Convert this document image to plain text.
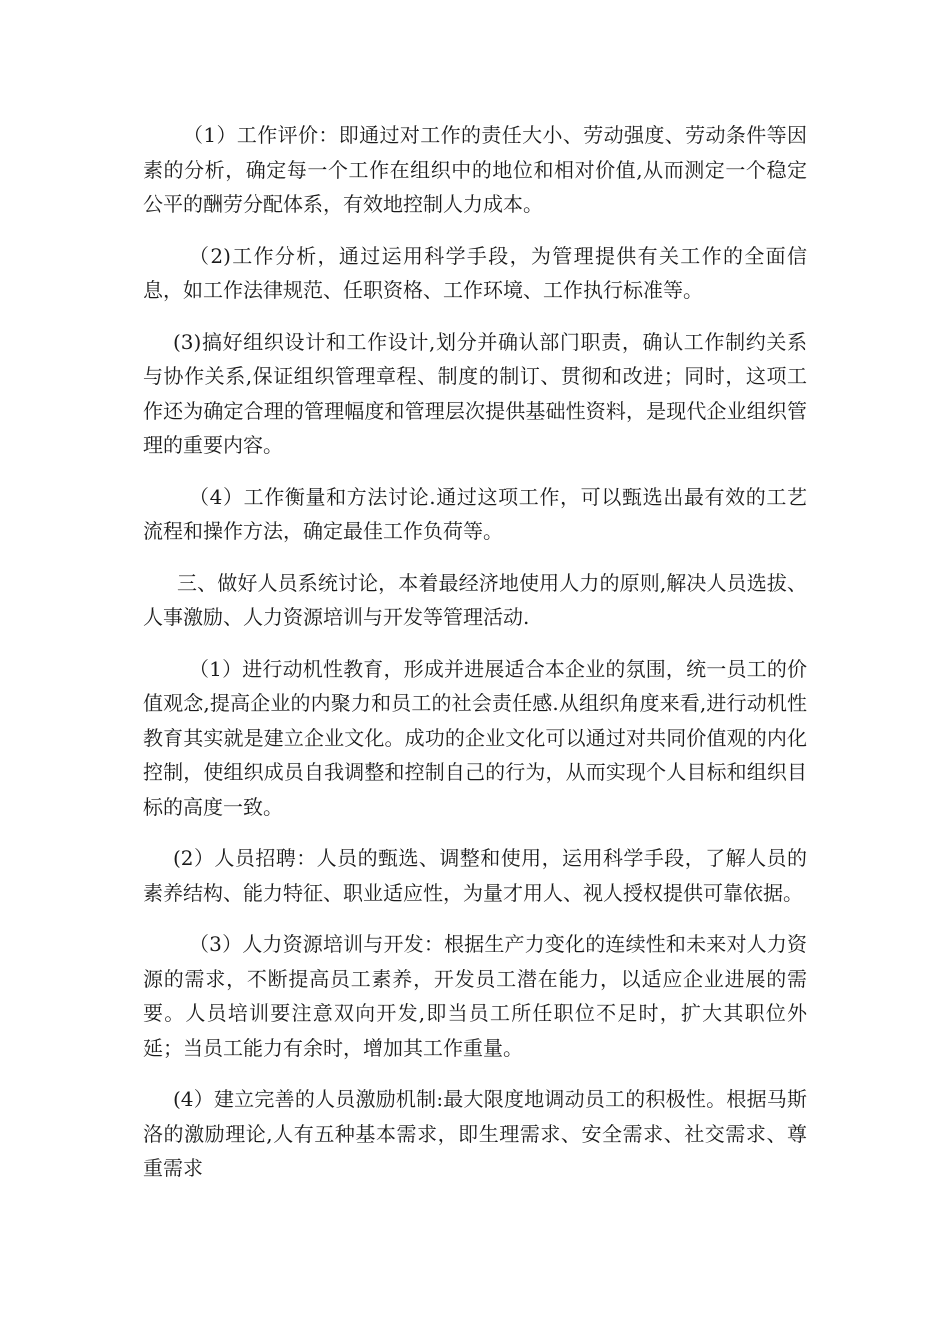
（1）工作评价：即通过对工作的责任大小、劳动强度、劳动条件等因素的分析，确定每一个工作在组织中的地位和相对价值,从而测定一个稳定公平的酬劳分配体系，有效地控制人力成本。

（2)工作分析，通过运用科学手段，为管理提供有关工作的全面信息，如工作法律规范、任职资格、工作环境、工作执行标准等。

(3)搞好组织设计和工作设计,划分并确认部门职责，确认工作制约关系与协作关系,保证组织管理章程、制度的制订、贯彻和改进；同时，这项工作还为确定合理的管理幅度和管理层次提供基础性资料，是现代企业组织管理的重要内容。

（4）工作衡量和方法讨论.通过这项工作，可以甄选出最有效的工艺流程和操作方法，确定最佳工作负荷等。

三、做好人员系统讨论，本着最经济地使用人力的原则,解决人员选拔、人事激励、人力资源培训与开发等管理活动.

（1）进行动机性教育，形成并进展适合本企业的氛围，统一员工的价值观念,提高企业的内聚力和员工的社会责任感.从组织角度来看,进行动机性教育其实就是建立企业文化。成功的企业文化可以通过对共同价值观的内化控制，使组织成员自我调整和控制自己的行为，从而实现个人目标和组织目标的高度一致。

(2）人员招聘：人员的甄选、调整和使用，运用科学手段，了解人员的素养结构、能力特征、职业适应性，为量才用人、视人授权提供可靠依据。

（3）人力资源培训与开发：根据生产力变化的连续性和未来对人力资源的需求，不断提高员工素养，开发员工潜在能力，以适应企业进展的需要。人员培训要注意双向开发,即当员工所任职位不足时，扩大其职位外延；当员工能力有余时，增加其工作重量。

(4）建立完善的人员激励机制:最大限度地调动员工的积极性。根据马斯洛的激励理论,人有五种基本需求，即生理需求、安全需求、社交需求、尊重需求
